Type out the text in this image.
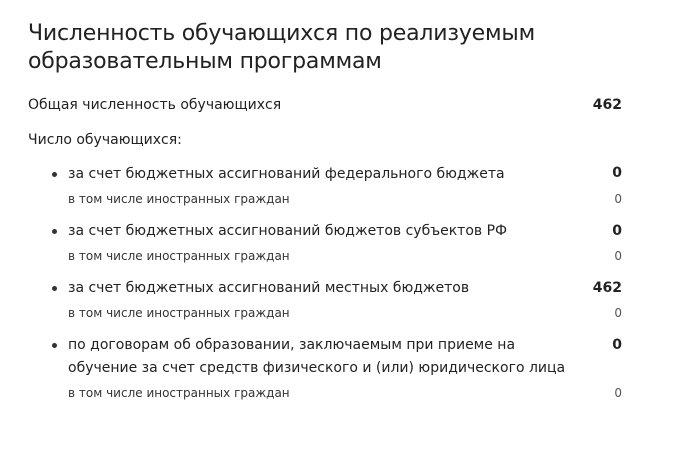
Численность обучающихся по реализуемым образовательным программам
Общая численность обучающихся	462
Число обучающихся:
за счет бюджетных ассигнований федерального бюджета	0
в том числе иностранных граждан	0
за счет бюджетных ассигнований бюджетов субъектов РФ	0
в том числе иностранных граждан	0
за счет бюджетных ассигнований местных бюджетов	462
в том числе иностранных граждан	0
по договорам об образовании, заключаемым при приеме на обучение за счет средств физического и (или) юридического лица
0
в том числе иностранных граждан	0
